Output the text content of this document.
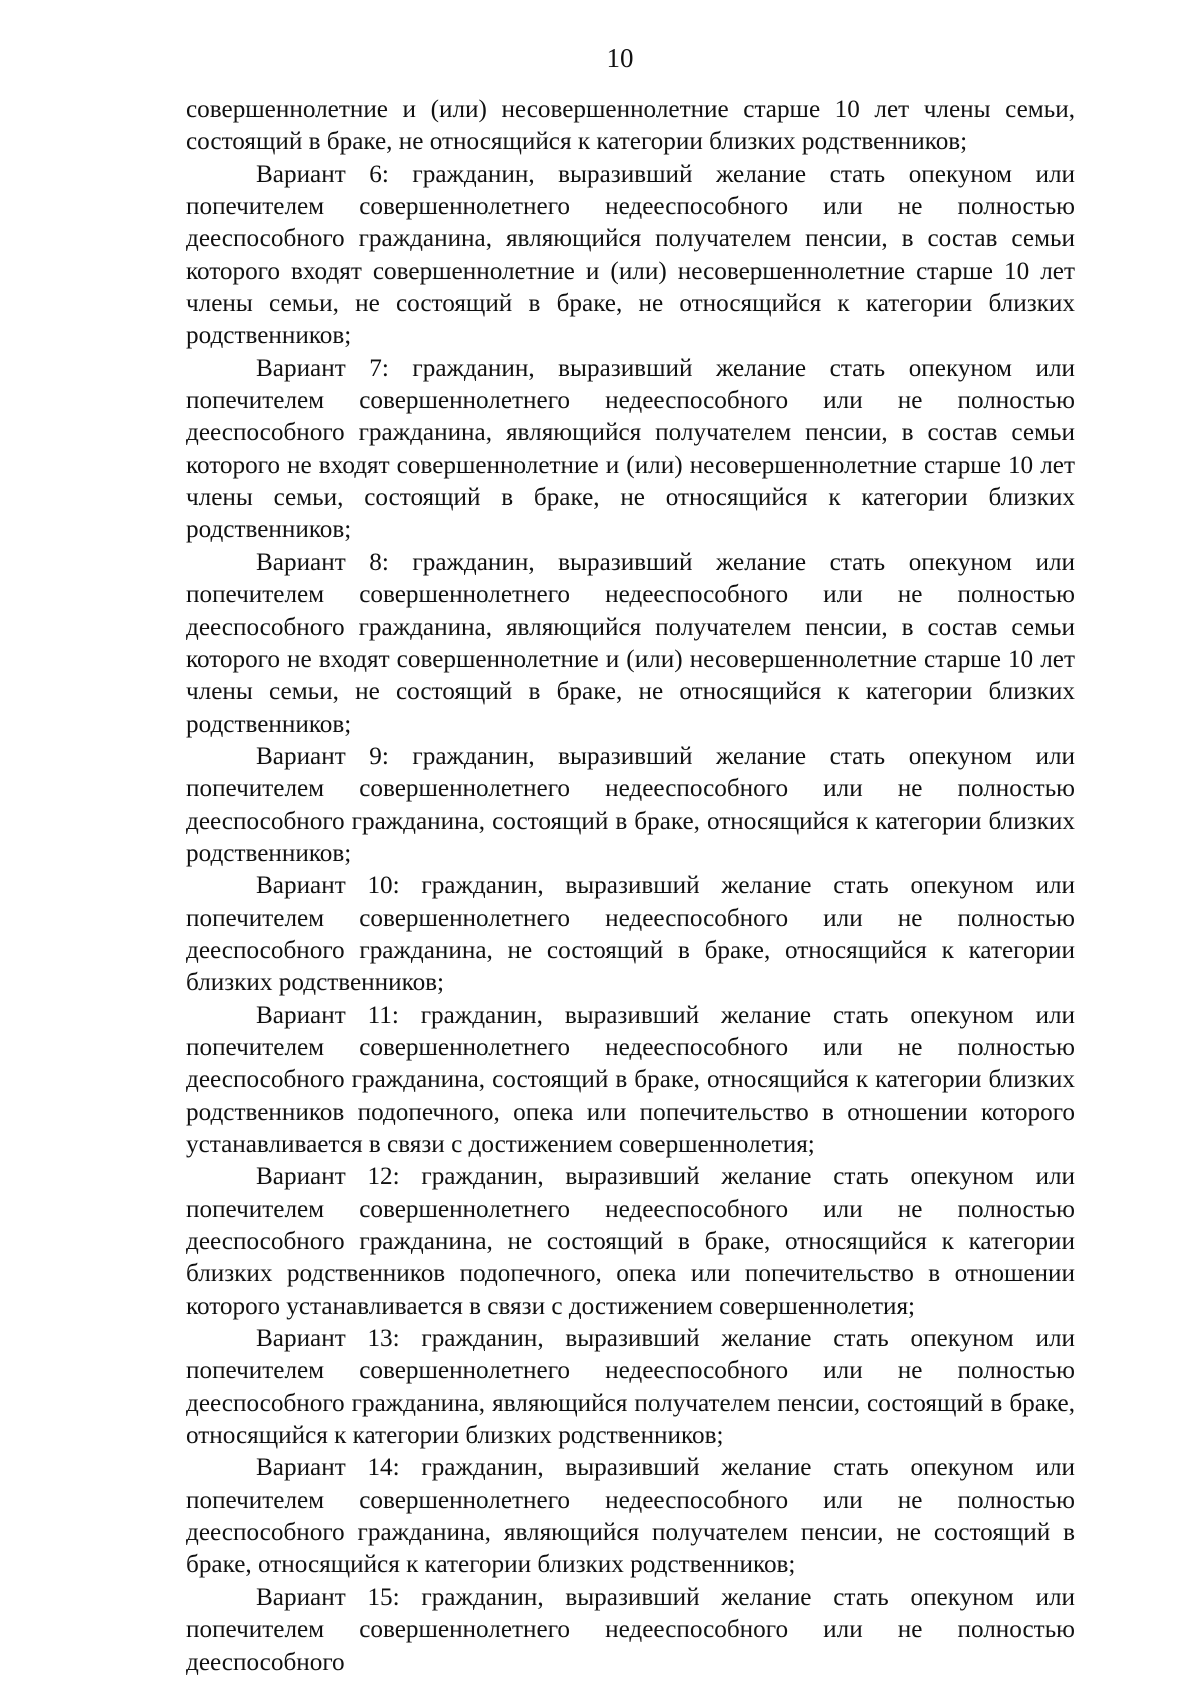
10

совершеннолетние и (или) несовершеннолетние старше 10 лет члены семьи, состоящий в браке, не относящийся к категории близких родственников;

Вариант 6: гражданин, выразивший желание стать опекуном или попечителем совершеннолетнего недееспособного или не полностью дееспособного гражданина, являющийся получателем пенсии, в состав семьи которого входят совершеннолетние и (или) несовершеннолетние старше 10 лет члены семьи, не состоящий в браке, не относящийся к категории близких родственников;

Вариант 7: гражданин, выразивший желание стать опекуном или попечителем совершеннолетнего недееспособного или не полностью дееспособного гражданина, являющийся получателем пенсии, в состав семьи которого не входят совершеннолетние и (или) несовершеннолетние старше 10 лет члены семьи, состоящий в браке, не относящийся к категории близких родственников;

Вариант 8: гражданин, выразивший желание стать опекуном или попечителем совершеннолетнего недееспособного или не полностью дееспособного гражданина, являющийся получателем пенсии, в состав семьи которого не входят совершеннолетние и (или) несовершеннолетние старше 10 лет члены семьи, не состоящий в браке, не относящийся к категории близких родственников;

Вариант 9: гражданин, выразивший желание стать опекуном или попечителем совершеннолетнего недееспособного или не полностью дееспособного гражданина, состоящий в браке, относящийся к категории близких родственников;

Вариант 10: гражданин, выразивший желание стать опекуном или попечителем совершеннолетнего недееспособного или не полностью дееспособного гражданина, не состоящий в браке, относящийся к категории близких родственников;

Вариант 11: гражданин, выразивший желание стать опекуном или попечителем совершеннолетнего недееспособного или не полностью дееспособного гражданина, состоящий в браке, относящийся к категории близких родственников подопечного, опека или попечительство в отношении которого устанавливается в связи с достижением совершеннолетия;

Вариант 12: гражданин, выразивший желание стать опекуном или попечителем совершеннолетнего недееспособного или не полностью дееспособного гражданина, не состоящий в браке, относящийся к категории близких родственников подопечного, опека или попечительство в отношении которого устанавливается в связи с достижением совершеннолетия;

Вариант 13: гражданин, выразивший желание стать опекуном или попечителем совершеннолетнего недееспособного или не полностью дееспособного гражданина, являющийся получателем пенсии, состоящий в браке, относящийся к категории близких родственников;

Вариант 14: гражданин, выразивший желание стать опекуном или попечителем совершеннолетнего недееспособного или не полностью дееспособного гражданина, являющийся получателем пенсии, не состоящий в браке, относящийся к категории близких родственников;

Вариант 15: гражданин, выразивший желание стать опекуном или попечителем совершеннолетнего недееспособного или не полностью дееспособного
